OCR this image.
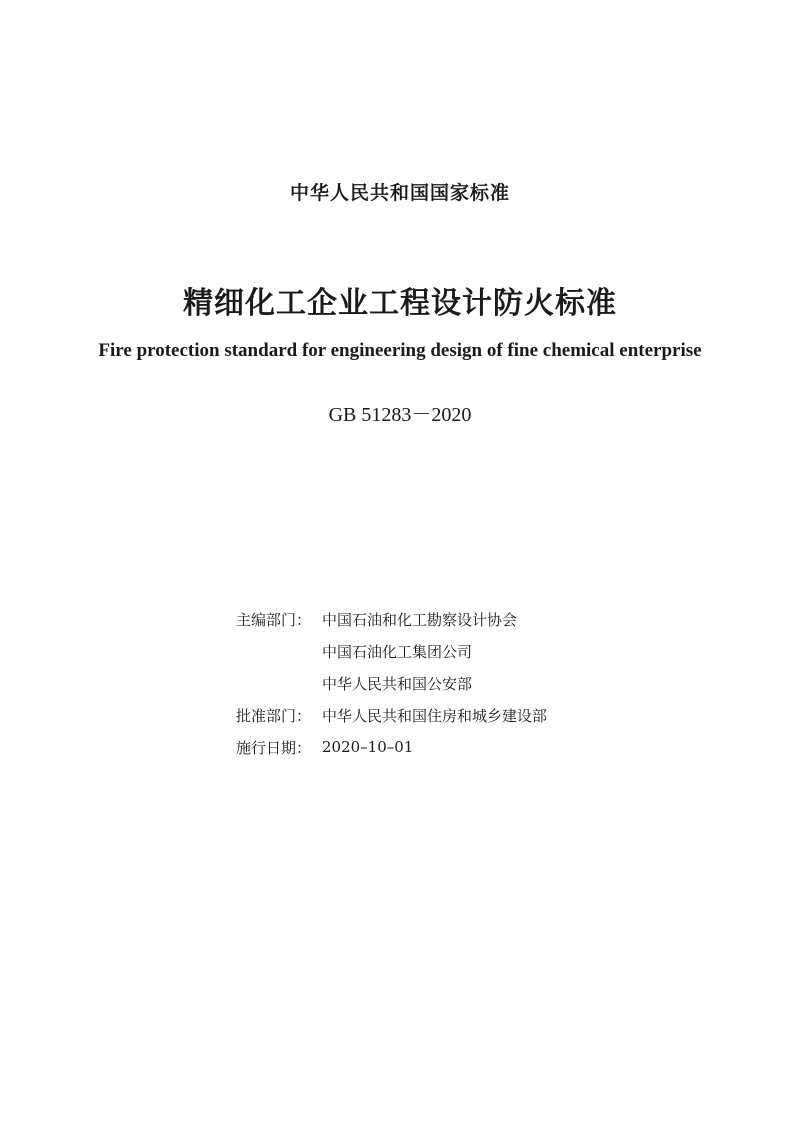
中华人民共和国国家标准
精细化工企业工程设计防火标准
Fire protection standard for engineering design of fine chemical enterprise
GB 51283－2020
主编部门： 中国石油和化工勘察设计协会
中国石油化工集团公司
中华人民共和国公安部
批准部门： 中华人民共和国住房和城乡建设部
施行日期： 2020–10–01
